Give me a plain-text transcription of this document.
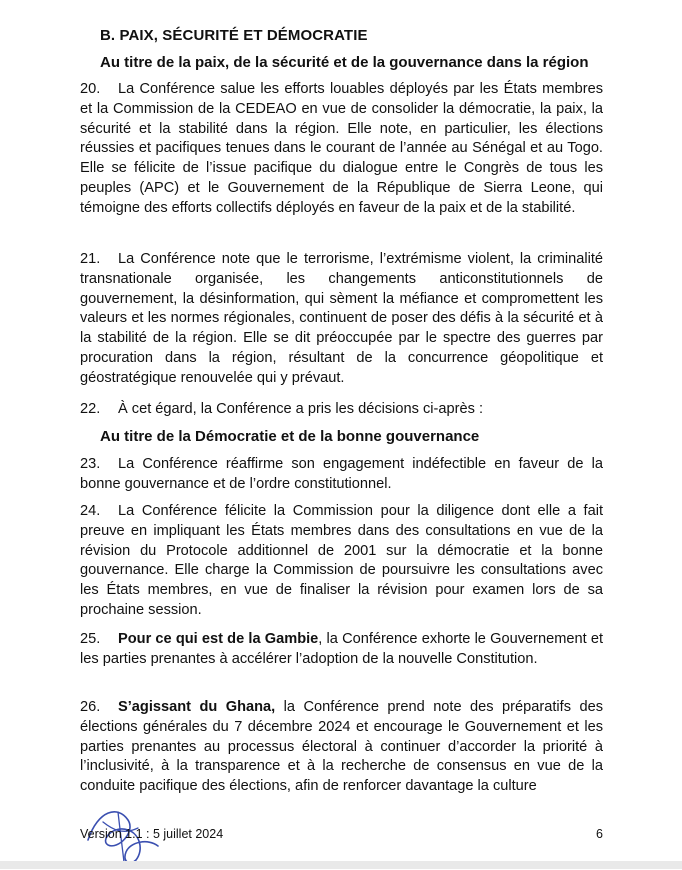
B. PAIX, SÉCURITÉ ET DÉMOCRATIE
Au titre de la paix, de la sécurité et de la gouvernance dans la région
20. La Conférence salue les efforts louables déployés par les États membres et la Commission de la CEDEAO en vue de consolider la démocratie, la paix, la sécurité et la stabilité dans la région. Elle note, en particulier, les élections réussies et pacifiques tenues dans le courant de l’année au Sénégal et au Togo. Elle se félicite de l’issue pacifique du dialogue entre le Congrès de tous les peuples (APC) et le Gouvernement de la République de Sierra Leone, qui témoigne des efforts collectifs déployés en faveur de la paix et de la stabilité.
21. La Conférence note que le terrorisme, l’extrémisme violent, la criminalité transnationale organisée, les changements anticonstitutionnels de gouvernement, la désinformation, qui sèment la méfiance et compromettent les valeurs et les normes régionales, continuent de poser des défis à la sécurité et à la stabilité de la région. Elle se dit préoccupée par le spectre des guerres par procuration dans la région, résultant de la concurrence géopolitique et géostratégique renouvelée qui y prévaut.
22. À cet égard, la Conférence a pris les décisions ci-après :
Au titre de la Démocratie et de la bonne gouvernance
23. La Conférence réaffirme son engagement indéfectible en faveur de la bonne gouvernance et de l’ordre constitutionnel.
24. La Conférence félicite la Commission pour la diligence dont elle a fait preuve en impliquant les États membres dans des consultations en vue de la révision du Protocole additionnel de 2001 sur la démocratie et la bonne gouvernance. Elle charge la Commission de poursuivre les consultations avec les États membres, en vue de finaliser la révision pour examen lors de sa prochaine session.
25. Pour ce qui est de la Gambie, la Conférence exhorte le Gouvernement et les parties prenantes à accélérer l’adoption de la nouvelle Constitution.
26. S’agissant du Ghana, la Conférence prend note des préparatifs des élections générales du 7 décembre 2024 et encourage le Gouvernement et les parties prenantes au processus électoral à continuer d’accorder la priorité à l’inclusivité, à la transparence et à la recherche de consensus en vue de la conduite pacifique des élections, afin de renforcer davantage la culture
Version 1.1 : 5 juillet 2024	6
